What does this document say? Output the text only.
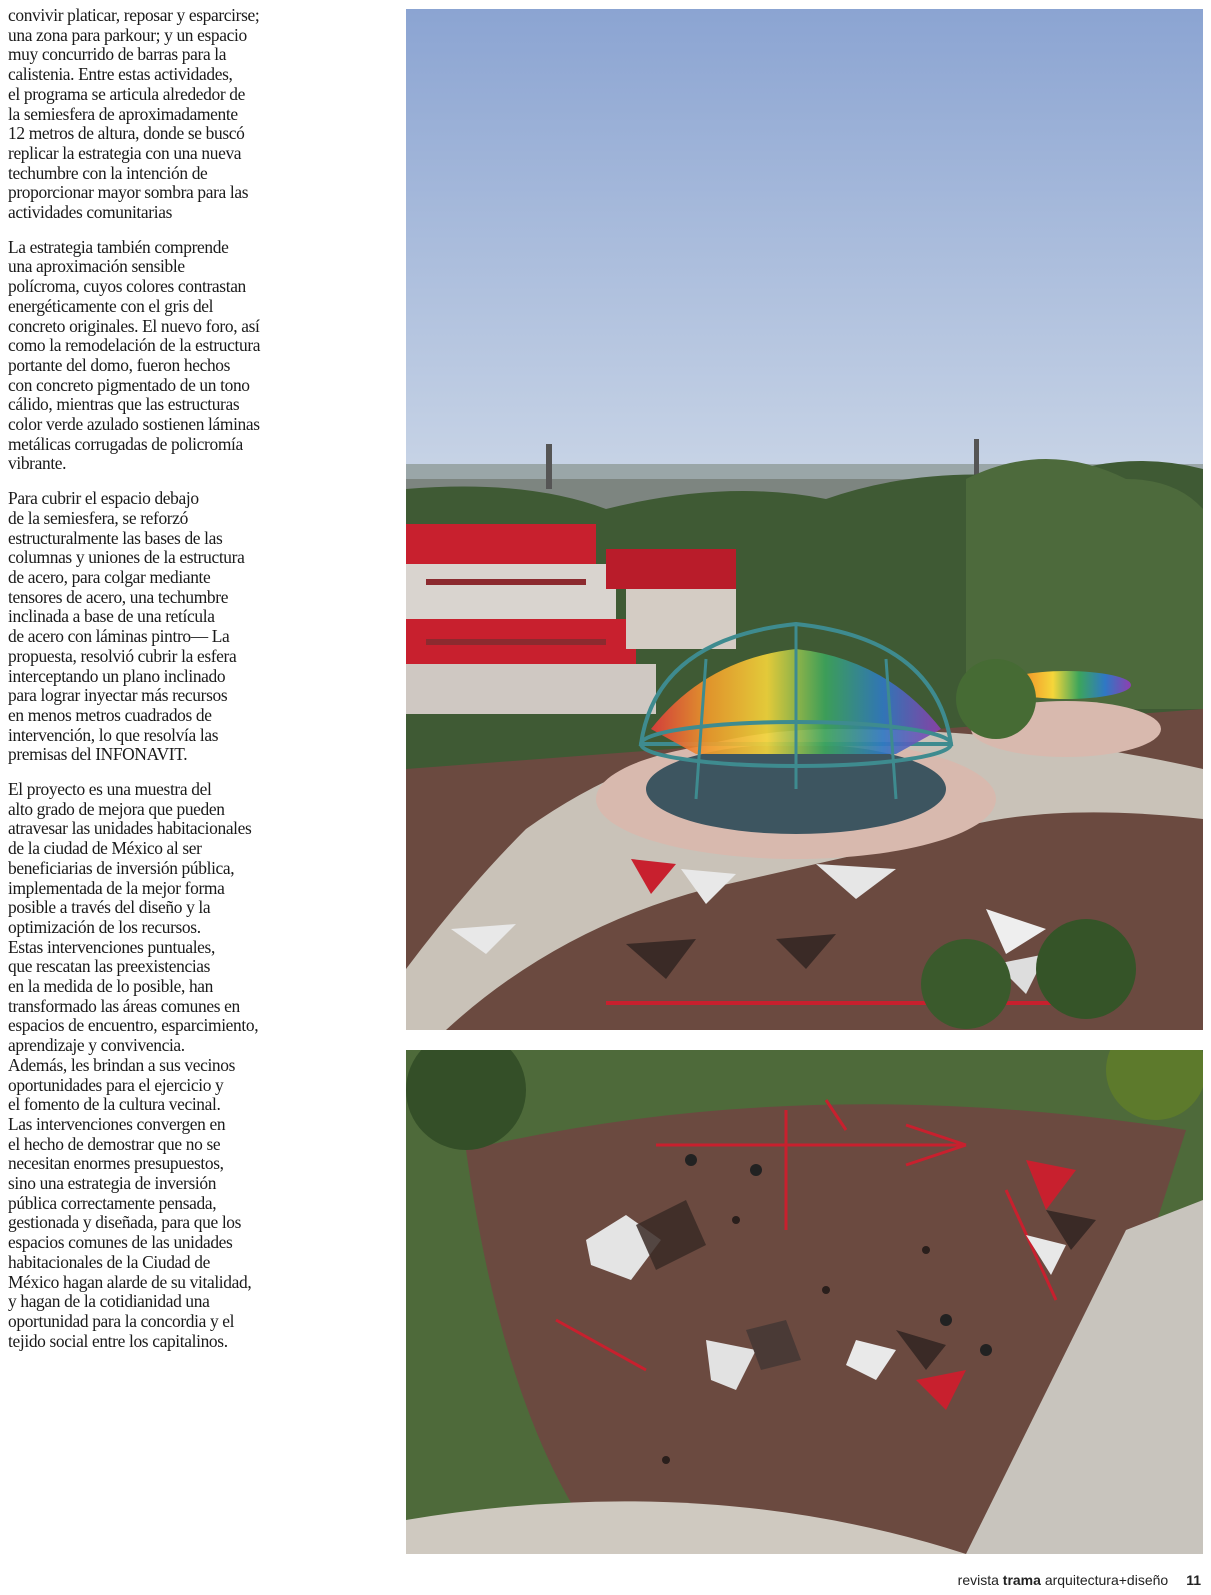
convivir platicar, reposar y esparcirse;
una zona para parkour; y un espacio
muy concurrido de barras para la
calistenia. Entre estas actividades,
el programa se articula alrededor de
la semiesfera de aproximadamente
12 metros de altura, donde se buscó
replicar la estrategia con una nueva
techumbre con la intención de
proporcionar mayor sombra para las
actividades comunitarias

La estrategia también comprende
una aproximación sensible
polícroma, cuyos colores contrastan
energéticamente con el gris del
concreto originales. El nuevo foro, así
como la remodelación de la estructura
portante del domo, fueron hechos
con concreto pigmentado de un tono
cálido, mientras que las estructuras
color verde azulado sostienen láminas
metálicas corrugadas de policromía
vibrante.

Para cubrir el espacio debajo
de la semiesfera, se reforzó
estructuralmente las bases de las
columnas y uniones de la estructura
de acero, para colgar mediante
tensores de acero, una techumbre
inclinada a base de una retícula
de acero con láminas pintro— La
propuesta, resolvió cubrir la esfera
interceptando un plano inclinado
para lograr inyectar más recursos
en menos metros cuadrados de
intervención, lo que resolvía las
premisas del INFONAVIT.

El proyecto es una muestra del
alto grado de mejora que pueden
atravesar las unidades habitacionales
de la ciudad de México al ser
beneficiarias de inversión pública,
implementada de la mejor forma
posible a través del diseño y la
optimización de los recursos.
Estas intervenciones puntuales,
que rescatan las preexistencias
en la medida de lo posible, han
transformado las áreas comunes en
espacios de encuentro, esparcimiento,
aprendizaje y convivencia.
Además, les brindan a sus vecinos
oportunidades para el ejercicio y
el fomento de la cultura vecinal.
Las intervenciones convergen en
el hecho de demostrar que no se
necesitan enormes presupuestos,
sino una estrategia de inversión
pública correctamente pensada,
gestionada y diseñada, para que los
espacios comunes de las unidades
habitacionales de la Ciudad de
México hagan alarde de su vitalidad,
y hagan de la cotidianidad una
oportunidad para la concordia y el
tejido social entre los capitalinos.

revista trama arquitectura+diseño 11
